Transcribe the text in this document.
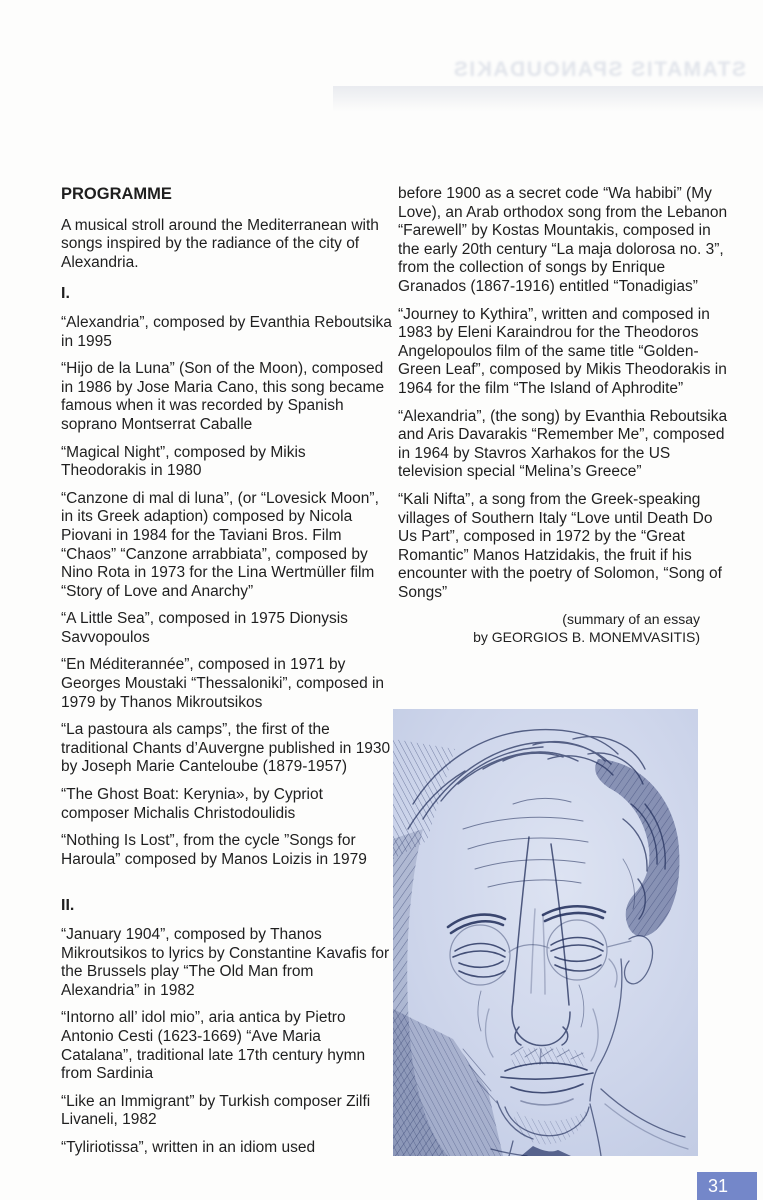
STAMATIS SPANOUDAKIS
PROGRAMME

A musical stroll around the Mediterranean with songs inspired by the radiance of the city of Alexandria.

I.

“Alexandria”, composed by Evanthia Reboutsika in 1995

“Hijo de la Luna” (Son of the Moon), composed in 1986 by Jose Maria Cano, this song became famous when it was recorded by Spanish soprano Montserrat Caballe

“Magical Night”, composed by Mikis Theodorakis in 1980

“Canzone di mal di luna”, (or “Lovesick Moon”, in its Greek adaption) composed by Nicola Piovani in 1984 for the Taviani Bros. Film “Chaos” “Canzone arrabbiata”, composed by Nino Rota in 1973 for the Lina Wertmüller film “Story of Love and Anarchy”

“A Little Sea”, composed in 1975 Dionysis Savvopoulos

“En Méditerannée”, composed in 1971 by Georges Moustaki “Thessaloniki”, composed in 1979 by Thanos Mikroutsikos

“La pastoura als camps”, the first of the traditional Chants d’Auvergne published in 1930 by Joseph Marie Canteloube (1879-1957)

“The Ghost Boat: Kerynia», by Cypriot composer Michalis Christodoulidis

“Nothing Is Lost”, from the cycle ”Songs for Haroula” composed by Manos Loizis in 1979

II.

“January 1904”, composed by Thanos Mikroutsikos to lyrics by Constantine Kavafis for the Brussels play “The Old Man from Alexandria” in 1982

“Intorno all’ idol mio”, aria antica by Pietro Antonio Cesti (1623-1669) “Ave Maria Catalana”, traditional late 17th century hymn from Sardinia

“Like an Immigrant” by Turkish composer Zilfi Livaneli, 1982

“Tyliriotissa”, written in an idiom used

before 1900 as a secret code “Wa habibi” (My Love), an Arab orthodox song from the Lebanon “Farewell” by Kostas Mountakis, composed in the early 20th century “La maja dolorosa no. 3”, from the collection of songs by Enrique Granados (1867-1916) entitled “Tonadigias”

“Journey to Kythira”, written and composed in 1983 by Eleni Karaindrou for the Theodoros Angelopoulos film of the same title “Golden-Green Leaf”, composed by Mikis Theodorakis in 1964 for the film “The Island of Aphrodite”

“Alexandria”, (the song) by Evanthia Reboutsika and Aris Davarakis “Remember Me”, composed in 1964 by Stavros Xarhakos for the US television special “Melina’s Greece”

“Kali Nifta”, a song from the Greek-speaking villages of Southern Italy “Love until Death Do Us Part”, composed in 1972 by the “Great Romantic” Manos Hatzidakis, the fruit if his encounter with the poetry of Solomon, “Song of Songs”

(summary of an essay
by GEORGIOS B. MONEMVASITIS)
31
